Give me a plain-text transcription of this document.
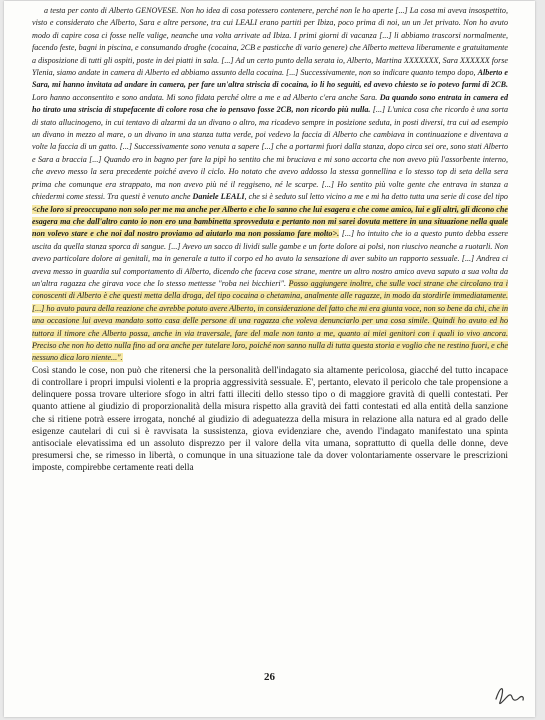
a testa per conto di Alberto GENOVESE. Non ho idea di cosa potessero contenere, perché non le ho aperte [...] La cosa mi aveva insospettito, visto e considerato che Alberto, Sara e altre persone, tra cui LEALI erano partiti per Ibiza, poco prima di noi, un un Jet privato. Non ho avuto modo di capire cosa ci fosse nelle valige, neanche una volta arrivate ad Ibiza. I primi giorni di vacanza [...] li abbiamo trascorsi normalmente, facendo feste, bagni in piscina, e consumando droghe (cocaina, 2CB e pasticche di vario genere) che Alberto metteva liberamente e gratuitamente a disposizione di tutti gli ospiti, poste in dei piatti in sala. [...] Ad un certo punto della serata io, Alberto, Martina XXXXXXX, Sara XXXXXX forse Ylenia, siamo andate in camera di Alberto ed abbiamo assunto della cocaina. [...] Successivamente, non so indicare quanto tempo dopo, Alberto e Sara, mi hanno invitata ad andare in camera, per fare un'altra striscia di cocaina, io li ho seguiti, ed avevo chiesto se io potevo farmi di 2CB. Loro hanno acconsentito e sono andata. Mi sono fidata perché oltre a me e ad Alberto c'era anche Sara. Da quando sono entrata in camera ed ho tirato una striscia di stupefacente di colore rosa che io pensavo fosse 2CB, non ricordo più nulla. [...] L'unica cosa che ricordo è una sorta di stato allucinogeno, in cui tentavo di alzarmi da un divano o altro, ma ricadevo sempre in posizione seduta, in posti diversi, tra cui ad esempio un divano in mezzo al mare, o un divano in una stanza tutta verde, poi vedevo la faccia di Alberto che cambiava in continuazione e diventava a volte la faccia di un gatto. [...] Successivamente sono venuta a sapere [...] che a portarmi fuori dalla stanza, dopo circa sei ore, sono stati Alberto e Sara a braccia [...] Quando ero in bagno per fare la pipì ho sentito che mi bruciava e mi sono accorta che non avevo più l'assorbente interno, che avevo messo la sera precedente poiché avevo il ciclo. Ho notato che avevo addosso la stessa gonnellina e lo stesso top di seta della sera prima che comunque era strappato, ma non avevo più né il reggiseno, né le scarpe. [...] Ho sentito più volte gente che entrava in stanza a chiedermi come stessi. Tra questi è venuto anche Daniele LEALI, che si è seduto sul letto vicino a me e mi ha detto tutta una serie di cose del tipo <che loro si preoccupano non solo per me ma anche per Alberto e che lo sanno che lui esagera e che come amico, lui e gli altri, gli dicono che esagera ma che dall'altro canto io non ero una bambinetta sprovveduta e pertanto non mi sarei dovuta mettere in una situazione nella quale non volevo stare e che noi dal nostro proviamo ad aiutarlo ma non possiamo fare molto>. [...] ho intuito che io a questo punto debba essere uscita da quella stanza sporca di sangue. [...] Avevo un sacco di lividi sulle gambe e un forte dolore ai polsi, non riuscivo neanche a ruotarli. Non avevo particolare dolore ai genitali, ma in generale a tutto il corpo ed ho avuto la sensazione di aver subito un rapporto sessuale. [...] Andrea ci aveva messo in guardia sul comportamento di Alberto, dicendo che faceva cose strane, mentre un altro nostro amico aveva saputo a sua volta da un'altra ragazza che girava voce che lo stesso mettesse "roba nei bicchieri". Posso aggiungere inoltre, che sulle voci strane che circolano tra i conoscenti di Alberto è che questi metta della droga, del tipo cocaina o chetamina, analmente alle ragazze, in modo da stordirle immediatamente. [...] ho avuto paura della reazione che avrebbe potuto avere Alberto, in considerazione del fatto che mi era giunta voce, non so bene da chi, che in una occasione lui aveva mandato sotto casa delle persone di una ragazza che voleva denunciarlo per una cosa simile. Quindi ho avuto ed ho tuttora il timore che Alberto possa, anche in via traversale, fare del male non tanto a me, quanto ai miei genitori con i quali io vivo ancora. Preciso che non ho detto nulla fino ad ora anche per tutelare loro, poiché non sanno nulla di tutta questa storia e voglio che ne restino fuori, e che nessuno dica loro niente...".
Così stando le cose, non può che ritenersi che la personalità dell'indagato sia altamente pericolosa, giacché del tutto incapace di controllare i propri impulsi violenti e la propria aggressività sessuale. E', pertanto, elevato il pericolo che tale propensione a delinquere possa trovare ulteriore sfogo in altri fatti illeciti dello stesso tipo o di maggiore gravità di quelli contestati. Per quanto attiene al giudizio di proporzionalità della misura rispetto alla gravità dei fatti contestati ed alla entità della sanzione che si ritiene potrà essere irrogata, nonché al giudizio di adeguatezza della misura in relazione alla natura ed al grado delle esigenze cautelari di cui si è ravvisata la sussistenza, giova evidenziare che, avendo l'indagato manifestato una spinta antisociale elevatissima ed un assoluto disprezzo per il valore della vita umana, soprattutto di quella delle donne, deve presumersi che, se rimesso in libertà, o comunque in una situazione tale da dover volontariamente osservare le prescrizioni imposte, compirebbe certamente reati della
26
